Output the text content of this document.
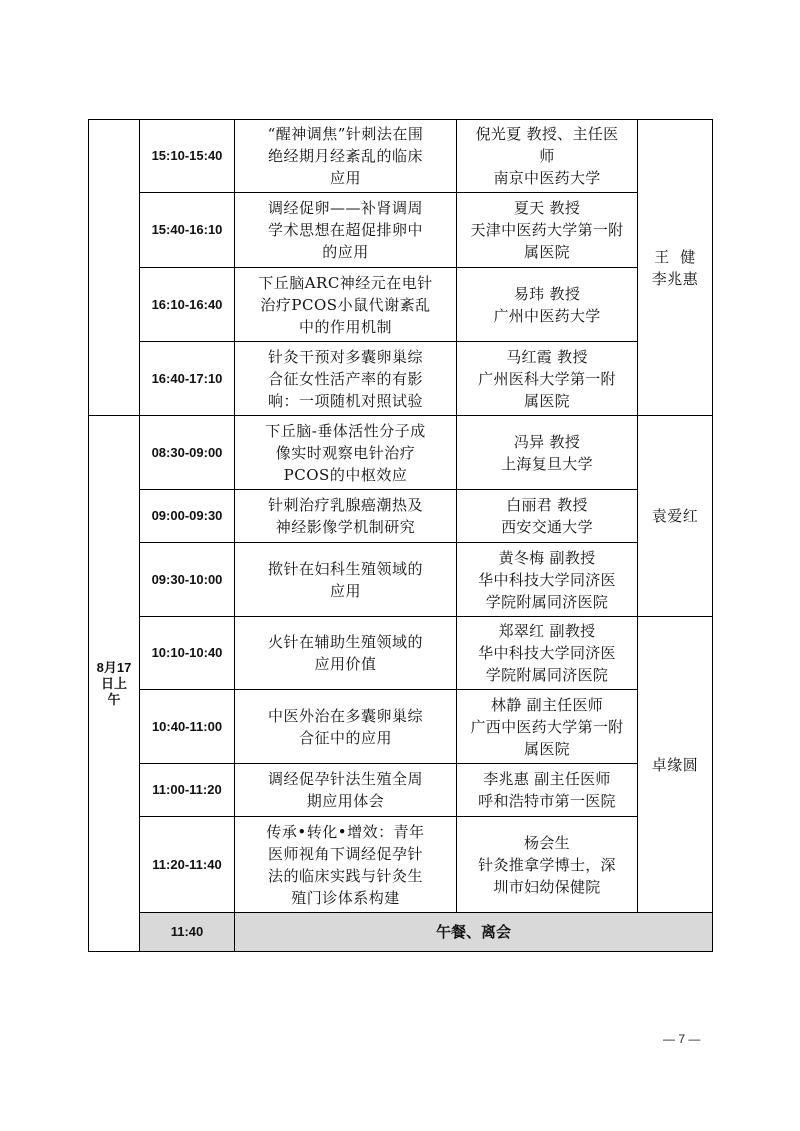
	15:10-15:40	“醒神调焦”针刺法在围
绝经期月经紊乱的临床
应用	倪光夏 教授、主任医
师
南京中医药大学	王  健
李兆惠

	15:40-16:10	调经促卵——补肾调周
学术思想在超促排卵中
的应用	夏天 教授
天津中医药大学第一附
属医院	

	16:10-16:40	下丘脑ARC神经元在电针
治疗PCOS小鼠代谢紊乱
中的作用机制	易玮 教授
广州中医药大学	

	16:40-17:10	针灸干预对多囊卵巢综
合征女性活产率的有影
响：一项随机对照试验	马红霞 教授
广州医科大学第一附
属医院	

8月17
日上
午	08:30-09:00	下丘脑-垂体活性分子成
像实时观察电针治疗
PCOS的中枢效应	冯异 教授
上海复旦大学	袁爱红
	09:00-09:30	针刺治疗乳腺癌潮热及
神经影像学机制研究	白丽君 教授
西安交通大学	

	09:30-10:00	揿针在妇科生殖领域的
应用	黄冬梅 副教授
华中科技大学同济医
学院附属同济医院	

	10:10-10:40	火针在辅助生殖领域的
应用价值	郑翠红 副教授
华中科技大学同济医
学院附属同济医院	卓缘圆
	10:40-11:00	中医外治在多囊卵巢综
合征中的应用	林静 副主任医师
广西中医药大学第一附
属医院	

	11:00-11:20	调经促孕针法生殖全周
期应用体会	李兆惠 副主任医师
呼和浩特市第一医院	

	11:20-11:40	传承•转化•增效：青年
医师视角下调经促孕针
法的临床实践与针灸生
殖门诊体系构建	杨会生
针灸推拿学博士，深
圳市妇幼保健院	

	11:40	午餐、离会		
— 7 —
